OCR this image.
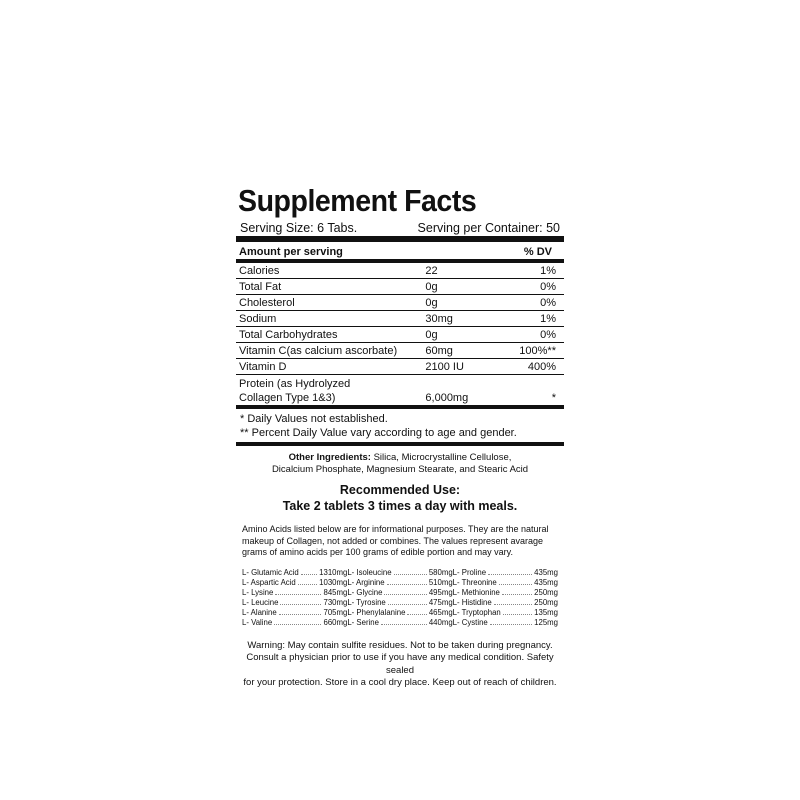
Supplement Facts
Serving Size: 6 Tabs.	Serving per Container: 50
Amount per serving		% DV
Calories	22	1%
Total Fat	0g	0%
Cholesterol	0g	0%
Sodium	30mg	1%
Total Carbohydrates	0g	0%
Vitamin C(as calcium ascorbate)	60mg	100%**
Vitamin D	2100 IU	400%

Protein (as Hydrolyzed
Collagen Type 1&3)	6,000mg	*
* Daily Values not established.
** Percent Daily Value vary according to age and gender.
Other Ingredients: Silica, Microcrystalline Cellulose,
Dicalcium Phosphate, Magnesium Stearate, and Stearic Acid
Recommended Use:
Take 2 tablets 3 times a day with meals.
Amino Acids listed below are for informational purposes. They are the natural makeup of Collagen, not added or combines. The values represent avarage grams of amino acids per 100 grams of edible portion and may vary.
L- Glutamic Acid	1310mg
L- Aspartic Acid	1030mg
L- Lysine	845mg
L- Leucine	730mg
L- Alanine	705mg
L- Valine	660mg
L- Isoleucine	580mg
L- Arginine	510mg
L- Glycine	495mg
L- Tyrosine	475mg
L- Phenylalanine	465mg
L- Serine	440mg
L- Proline	435mg
L- Threonine	435mg
L- Methionine	250mg
L- Histidine	250mg
L- Tryptophan	135mg
L- Cystine	125mg
Warning: May contain sulfite residues. Not to be taken during pregnancy.
Consult a physician prior to use if you have any medical condition. Safety sealed
for your protection. Store in a cool dry place. Keep out of reach of children.
